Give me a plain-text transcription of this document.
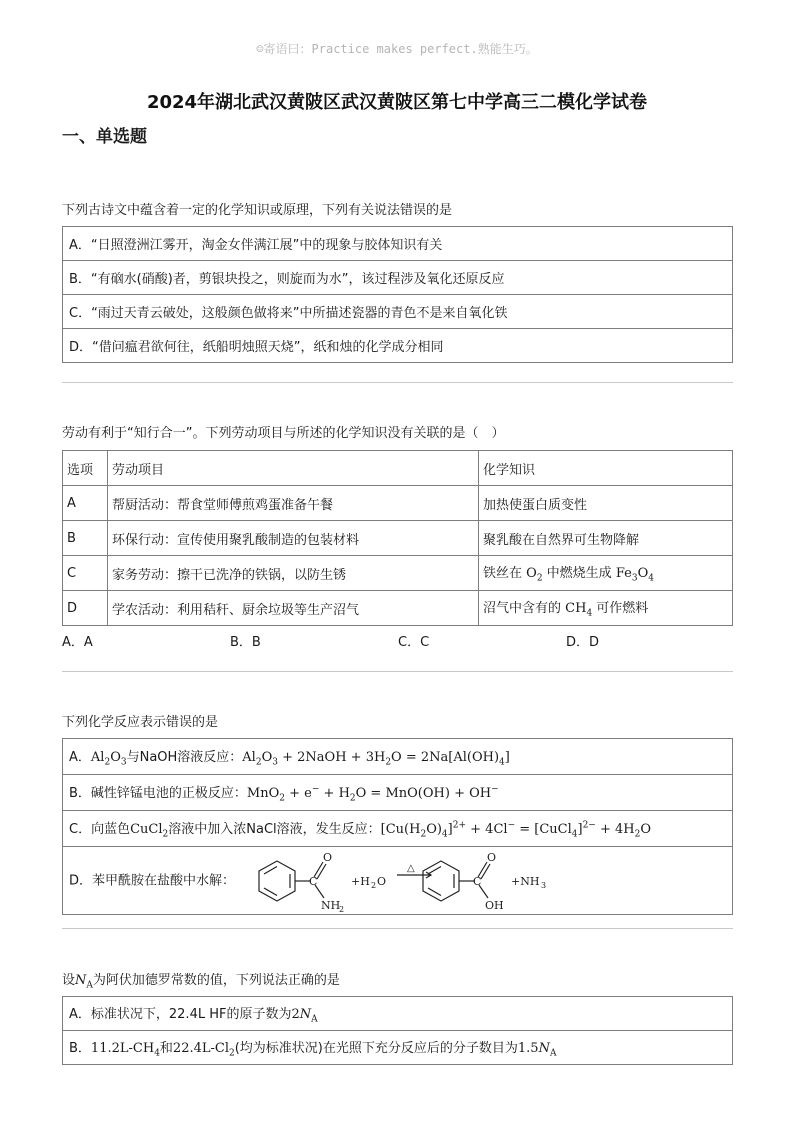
☺寄语曰：Practice makes perfect.熟能生巧。
2024年湖北武汉黄陂区武汉黄陂区第七中学高三二模化学试卷
一、单选题
下列古诗文中蕴含着一定的化学知识或原理，下列有关说法错误的是
A．“日照澄洲江雾开，淘金女伴满江展”中的现象与胶体知识有关
B．“有硇水(硝酸)者，剪银块投之，则旋而为水”，该过程涉及氧化还原反应
C．“雨过天青云破处，这般颜色做将来”中所描述瓷器的青色不是来自氧化铁
D．“借问瘟君欲何往，纸船明烛照天烧”，纸和烛的化学成分相同
劳动有利于“知行合一”。下列劳动项目与所述的化学知识没有关联的是（　）
选项	劳动项目	化学知识
A	帮厨活动：帮食堂师傅煎鸡蛋准备午餐	加热使蛋白质变性
B	环保行动：宣传使用聚乳酸制造的包装材料	聚乳酸在自然界可生物降解
C	家务劳动：擦干已洗净的铁锅，以防生锈	铁丝在 $O_2$ 中燃烧生成 $Fe_3O_4$
D	学农活动：利用秸秆、厨余垃圾等生产沼气	沼气中含有的 $CH_4$ 可作燃料
A．A	B．B	C．C	D．D
下列化学反应表示错误的是
A．$Al_2O_3$与NaOH溶液反应：$Al_2O_3$ + 2NaOH + $3H_2O = 2Na[Al(OH)_4]$
B．碱性锌锰电池的正极反应：$MnO_2 + e^- + H_2O = MnO(OH) + OH^-$
C．向蓝色CuCl$_2$溶液中加入浓NaCl溶液，发生反应：$[Cu(H_2O)_4]^{2+} + 4Cl^-$ = [CuCl$_4$]$^{2-}$ + $4H_2O$
D．苯甲酰胺在盐酸中水解：	C
O
NH
2
+H 2 O
△
C
O
OH
+NH 3
设$N_A$为阿伏加德罗常数的值，下列说法正确的是
A．标准状况下，22.4L HF的原子数为$2N_A$
B．$11.2L-CH_4$和$22.4L-Cl_2$(均为标准状况)在光照下充分反应后的分子数目为$1.5N_A$
